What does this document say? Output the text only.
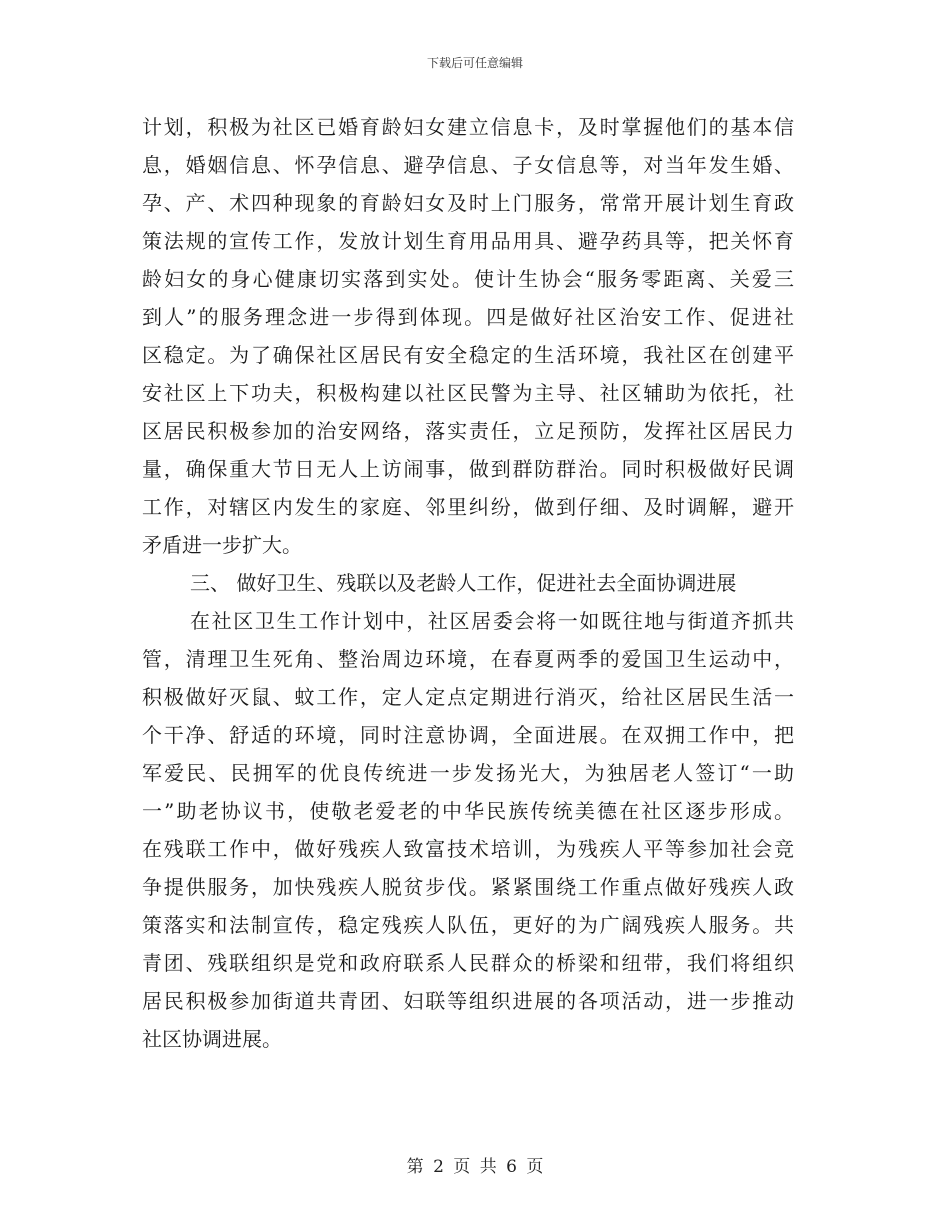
下载后可任意编辑
计划，积极为社区已婚育龄妇女建立信息卡，及时掌握他们的基本信
息，婚姻信息、怀孕信息、避孕信息、子女信息等，对当年发生婚、
孕、产、术四种现象的育龄妇女及时上门服务，常常开展计划生育政
策法规的宣传工作，发放计划生育用品用具、避孕药具等，把关怀育
龄妇女的身心健康切实落到实处。使计生协会“服务零距离、关爱三
到人”的服务理念进一步得到体现。四是做好社区治安工作、促进社
区稳定。为了确保社区居民有安全稳定的生活环境，我社区在创建平
安社区上下功夫，积极构建以社区民警为主导、社区辅助为依托，社
区居民积极参加的治安网络，落实责任，立足预防，发挥社区居民力
量，确保重大节日无人上访闹事，做到群防群治。同时积极做好民调
工作，对辖区内发生的家庭、邻里纠纷，做到仔细、及时调解，避开
矛盾进一步扩大。
三、 做好卫生、残联以及老龄人工作，促进社去全面协调进展
在社区卫生工作计划中，社区居委会将一如既往地与街道齐抓共
管，清理卫生死角、整治周边环境，在春夏两季的爱国卫生运动中，
积极做好灭鼠、蚊工作，定人定点定期进行消灭，给社区居民生活一
个干净、舒适的环境，同时注意协调，全面进展。在双拥工作中，把
军爱民、民拥军的优良传统进一步发扬光大，为独居老人签订“一助
一”助老协议书，使敬老爱老的中华民族传统美德在社区逐步形成。
在残联工作中，做好残疾人致富技术培训，为残疾人平等参加社会竞
争提供服务，加快残疾人脱贫步伐。紧紧围绕工作重点做好残疾人政
策落实和法制宣传，稳定残疾人队伍，更好的为广阔残疾人服务。共
青团、残联组织是党和政府联系人民群众的桥梁和纽带，我们将组织
居民积极参加街道共青团、妇联等组织进展的各项活动，进一步推动
社区协调进展。
第 2 页 共 6 页
